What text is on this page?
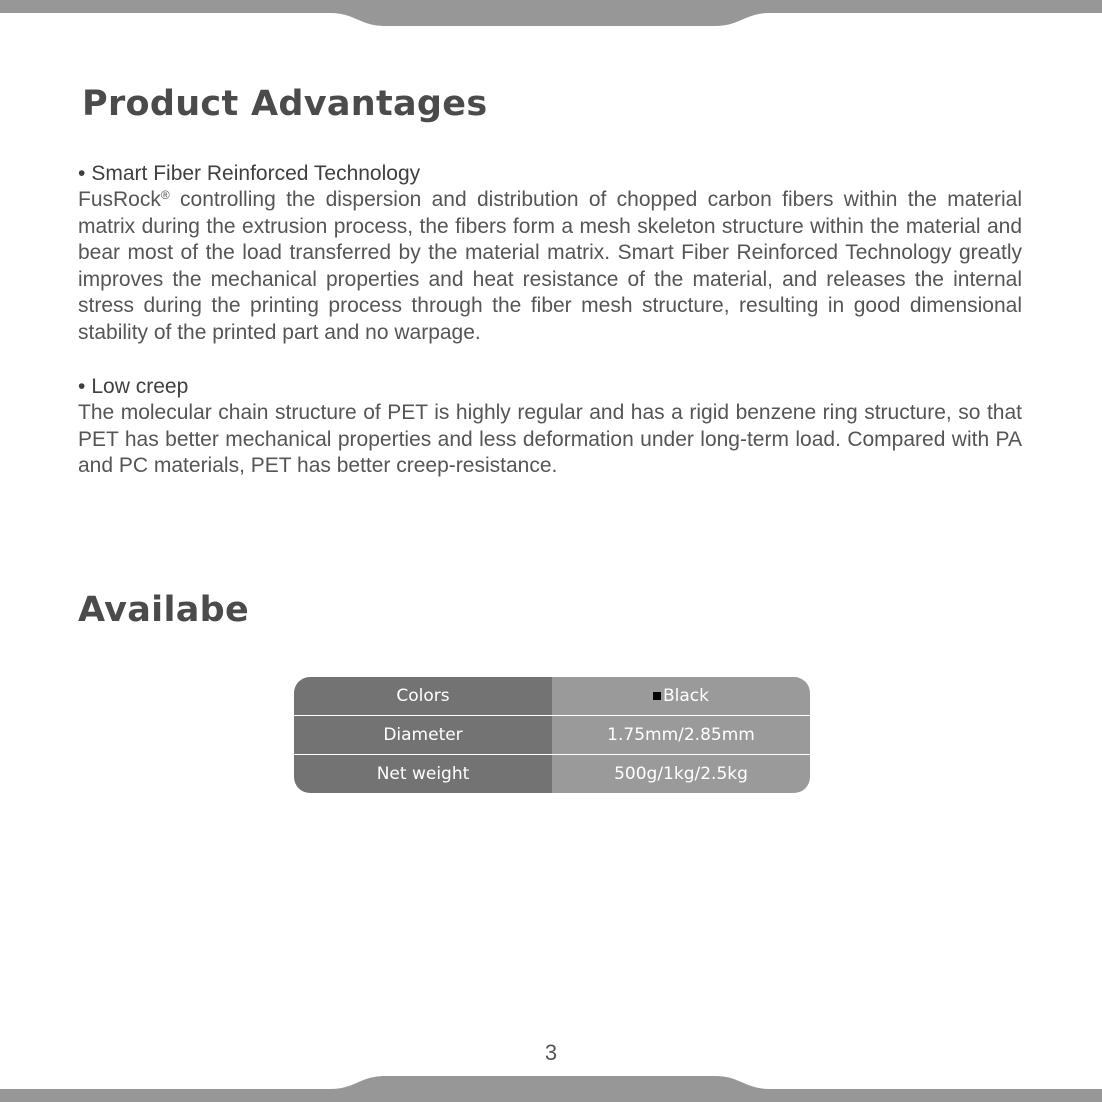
Product Advantages

• Smart Fiber Reinforced Technology

FusRock® controlling the dispersion and distribution of chopped carbon fibers within the material matrix during the extrusion process, the fibers form a mesh skeleton structure within the material and bear most of the load transferred by the material matrix. Smart Fiber Reinforced Technology greatly improves the mechanical properties and heat resistance of the material, and releases the internal stress during the printing process through the fiber mesh structure, resulting in good dimensional stability of the printed part and no warpage.

• Low creep

The molecular chain structure of PET is highly regular and has a rigid benzene ring structure, so that PET has better mechanical properties and less deformation under long-term load. Compared with PA and PC materials, PET has better creep-resistance.

Availabe
Colors	Black
Diameter	1.75mm/2.85mm
Net weight	500g/1kg/2.5kg
3
